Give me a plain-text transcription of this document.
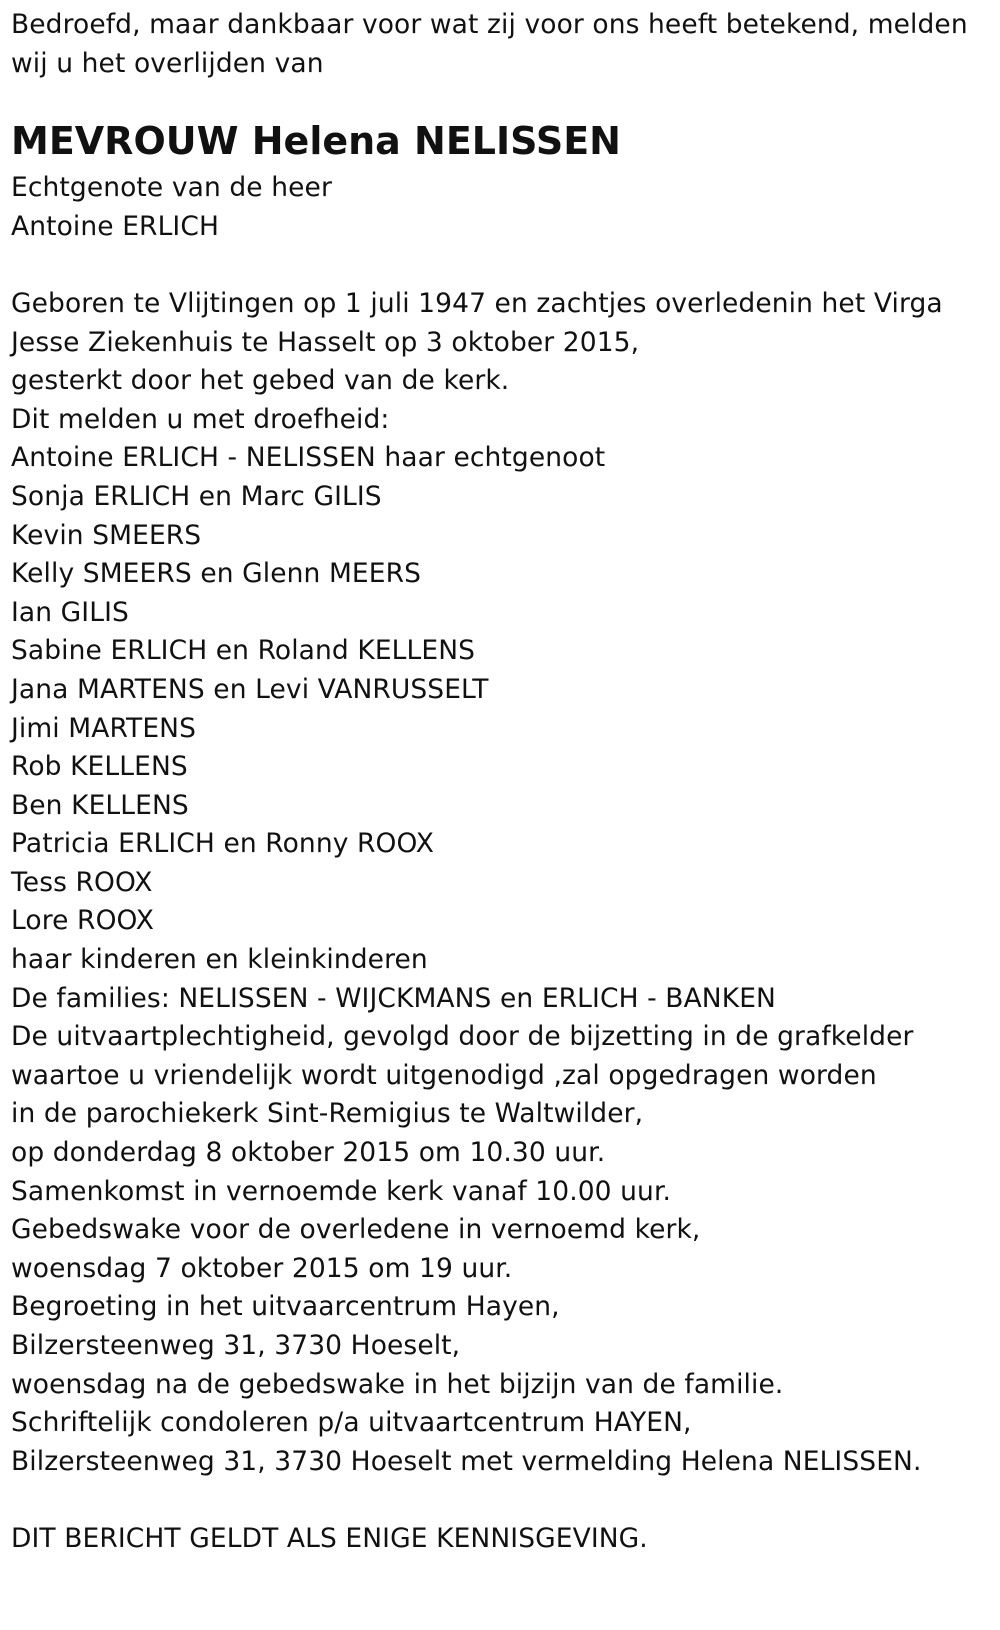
Bedroefd, maar dankbaar voor wat zij voor ons heeft betekend, melden
wij u het overlijden van
MEVROUW Helena NELISSEN
Echtgenote van de heer
Antoine ERLICH
Geboren te Vlijtingen op 1 juli 1947 en zachtjes overledenin het Virga
Jesse Ziekenhuis te Hasselt op 3 oktober 2015,
gesterkt door het gebed van de kerk.
Dit melden u met droefheid:
Antoine ERLICH - NELISSEN haar echtgenoot
Sonja ERLICH en Marc GILIS
Kevin SMEERS
Kelly SMEERS en Glenn MEERS
Ian GILIS
Sabine ERLICH en Roland KELLENS
Jana MARTENS en Levi VANRUSSELT
Jimi MARTENS
Rob KELLENS
Ben KELLENS
Patricia ERLICH en Ronny ROOX
Tess ROOX
Lore ROOX
haar kinderen en kleinkinderen
De families: NELISSEN - WIJCKMANS en ERLICH - BANKEN
De uitvaartplechtigheid, gevolgd door de bijzetting in de grafkelder
waartoe u vriendelijk wordt uitgenodigd ,zal opgedragen worden
in de parochiekerk Sint-Remigius te Waltwilder,
op donderdag 8 oktober 2015 om 10.30 uur.
Samenkomst in vernoemde kerk vanaf 10.00 uur.
Gebedswake voor de overledene in vernoemd kerk,
woensdag 7 oktober 2015 om 19 uur.
Begroeting in het uitvaarcentrum Hayen,
Bilzersteenweg 31, 3730 Hoeselt,
woensdag na de gebedswake in het bijzijn van de familie.
Schriftelijk condoleren p/a uitvaartcentrum HAYEN,
Bilzersteenweg 31, 3730 Hoeselt met vermelding Helena NELISSEN.
DIT BERICHT GELDT ALS ENIGE KENNISGEVING.
